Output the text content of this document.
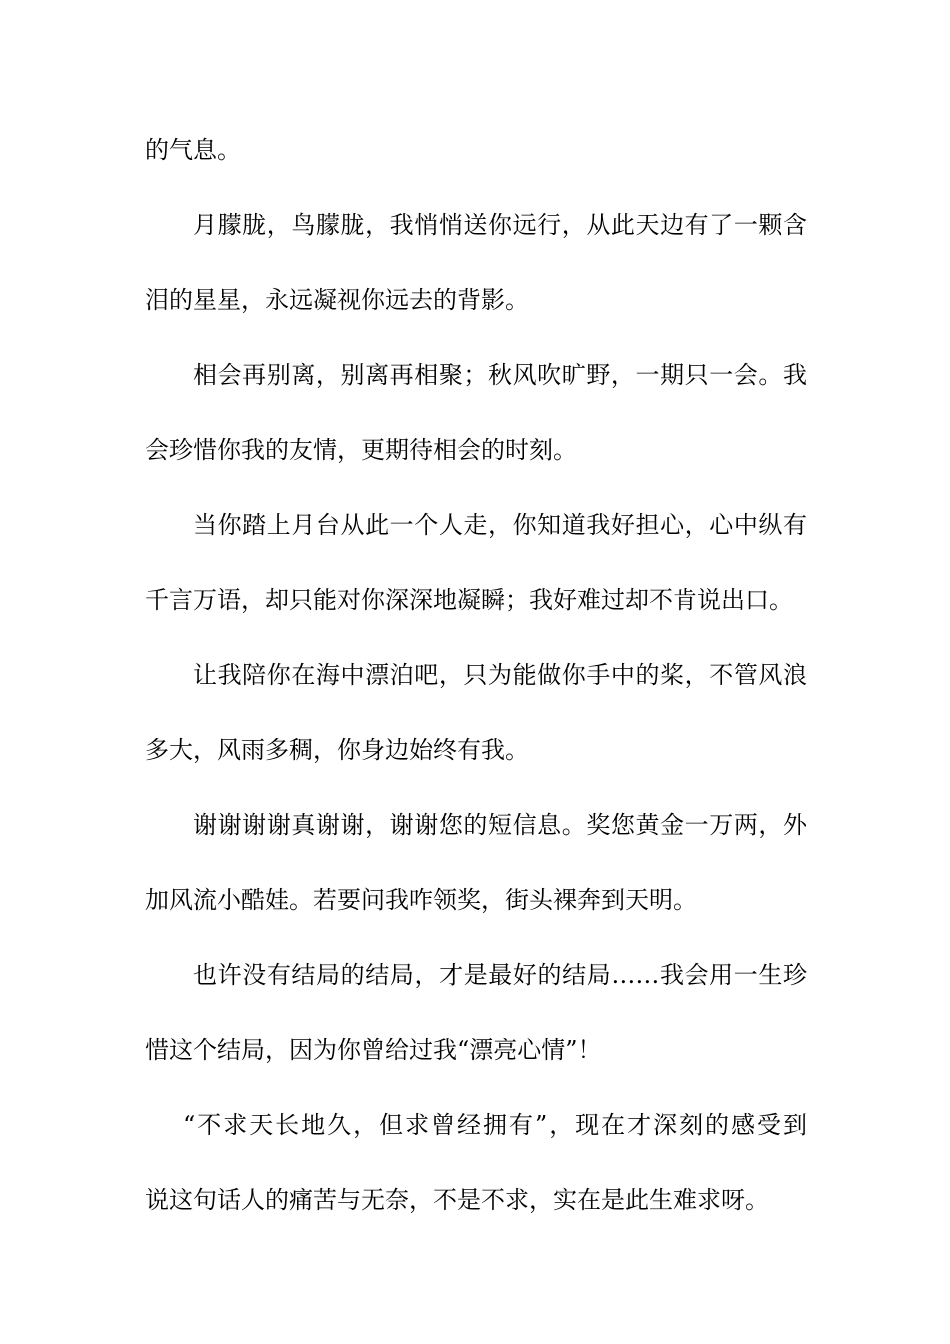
的气息。
月朦胧，鸟朦胧，我悄悄送你远行，从此天边有了一颗含
泪的星星，永远凝视你远去的背影。
相会再别离，别离再相聚；秋风吹旷野，一期只一会。我
会珍惜你我的友情，更期待相会的时刻。
当你踏上月台从此一个人走，你知道我好担心，心中纵有
千言万语，却只能对你深深地凝瞬；我好难过却不肯说出口。
让我陪你在海中漂泊吧，只为能做你手中的桨，不管风浪
多大，风雨多稠，你身边始终有我。
谢谢谢谢真谢谢，谢谢您的短信息。奖您黄金一万两，外
加风流小酷娃。若要问我咋领奖，街头裸奔到天明。
也许没有结局的结局，才是最好的结局……我会用一生珍
惜这个结局，因为你曾给过我“漂亮心情”！
“不求天长地久，但求曾经拥有”，现在才深刻的感受到
说这句话人的痛苦与无奈，不是不求，实在是此生难求呀。
